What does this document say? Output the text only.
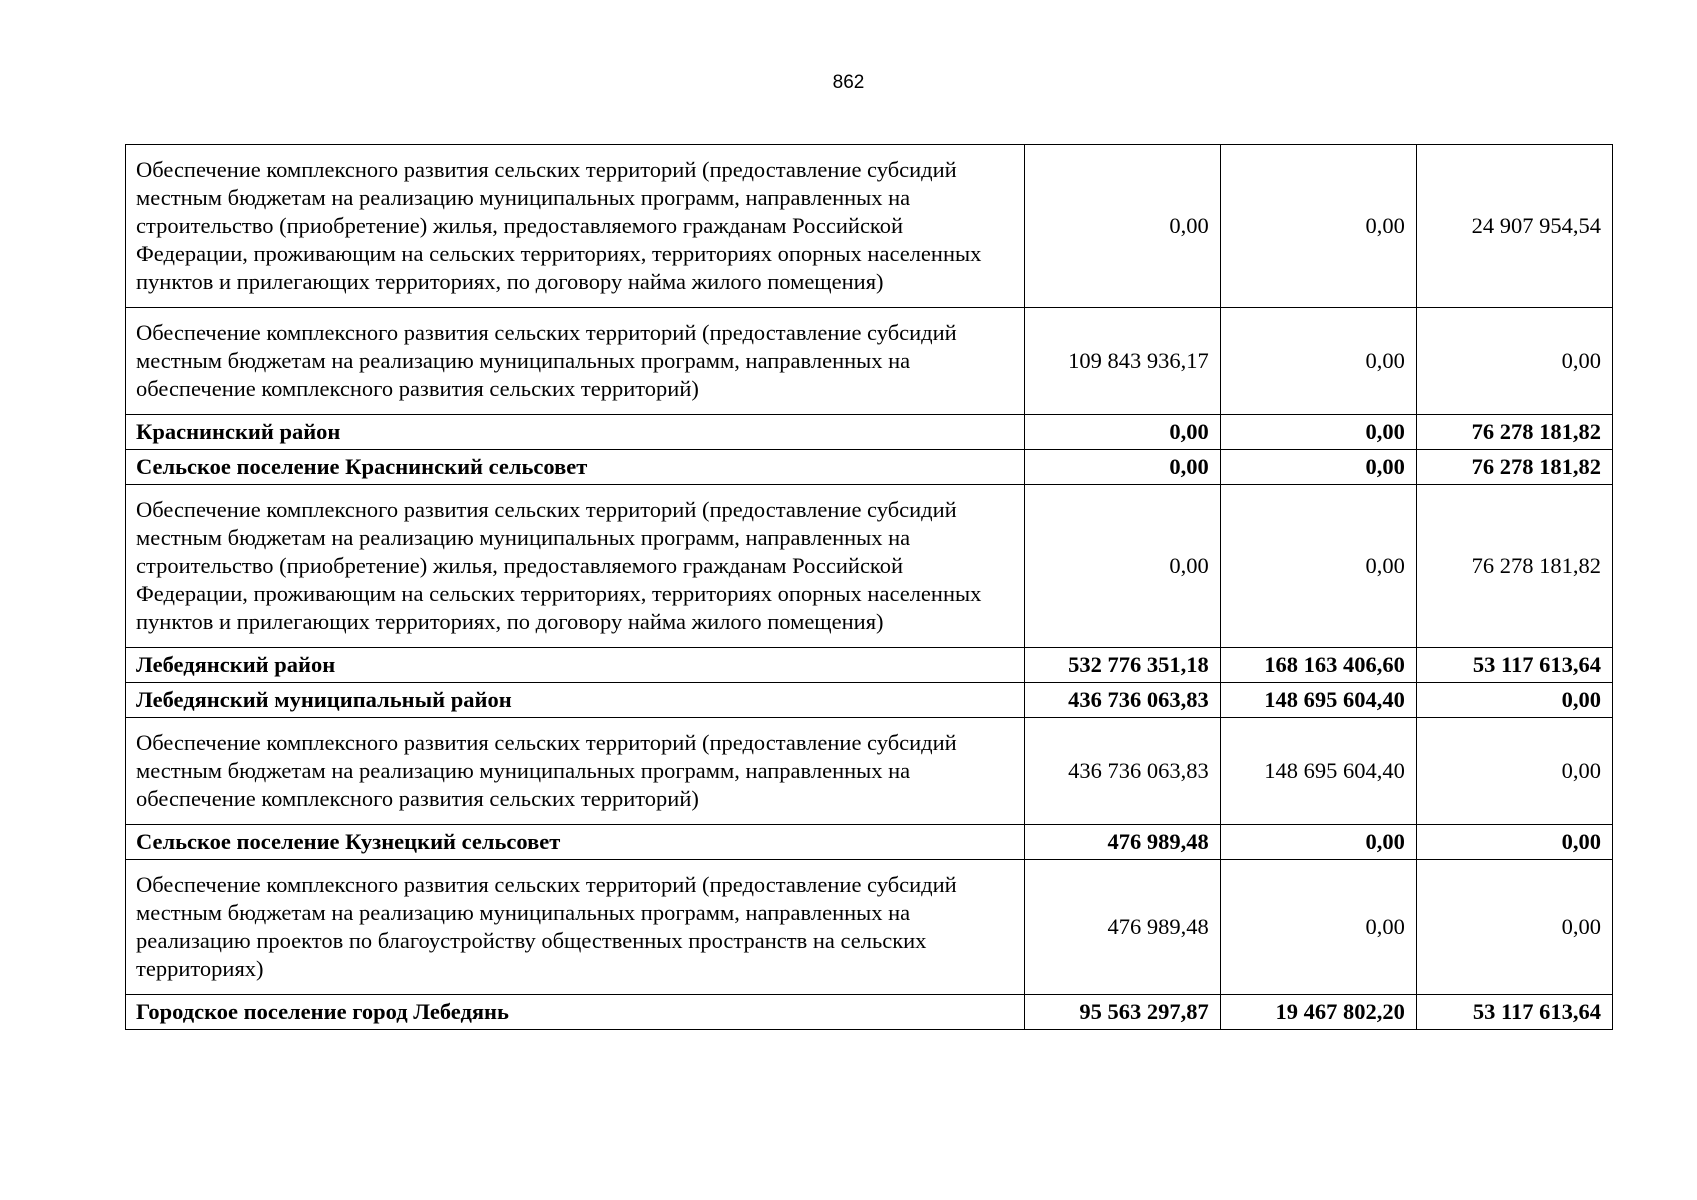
862
Обеспечение комплексного развития сельских территорий (предоставление субсидий местным бюджетам на реализацию муниципальных программ, направленных на строительство (приобретение) жилья, предоставляемого гражданам Российской Федерации, проживающим на сельских территориях, территориях опорных населенных пунктов и прилегающих территориях, по договору найма жилого помещения)	0,00	0,00	24 907 954,54
Обеспечение комплексного развития сельских территорий (предоставление субсидий местным бюджетам на реализацию муниципальных программ, направленных на обеспечение комплексного развития сельских территорий)	109 843 936,17	0,00	0,00
Краснинский район	0,00	0,00	76 278 181,82
Сельское поселение Краснинский сельсовет	0,00	0,00	76 278 181,82
Обеспечение комплексного развития сельских территорий (предоставление субсидий местным бюджетам на реализацию муниципальных программ, направленных на строительство (приобретение) жилья, предоставляемого гражданам Российской Федерации, проживающим на сельских территориях, территориях опорных населенных пунктов и прилегающих территориях, по договору найма жилого помещения)	0,00	0,00	76 278 181,82
Лебедянский район	532 776 351,18	168 163 406,60	53 117 613,64
Лебедянский муниципальный район	436 736 063,83	148 695 604,40	0,00
Обеспечение комплексного развития сельских территорий (предоставление субсидий местным бюджетам на реализацию муниципальных программ, направленных на обеспечение комплексного развития сельских территорий)	436 736 063,83	148 695 604,40	0,00
Сельское поселение Кузнецкий сельсовет	476 989,48	0,00	0,00
Обеспечение комплексного развития сельских территорий (предоставление субсидий местным бюджетам на реализацию муниципальных программ, направленных на реализацию проектов по благоустройству общественных пространств на сельских территориях)	476 989,48	0,00	0,00
Городское поселение город Лебедянь	95 563 297,87	19 467 802,20	53 117 613,64
